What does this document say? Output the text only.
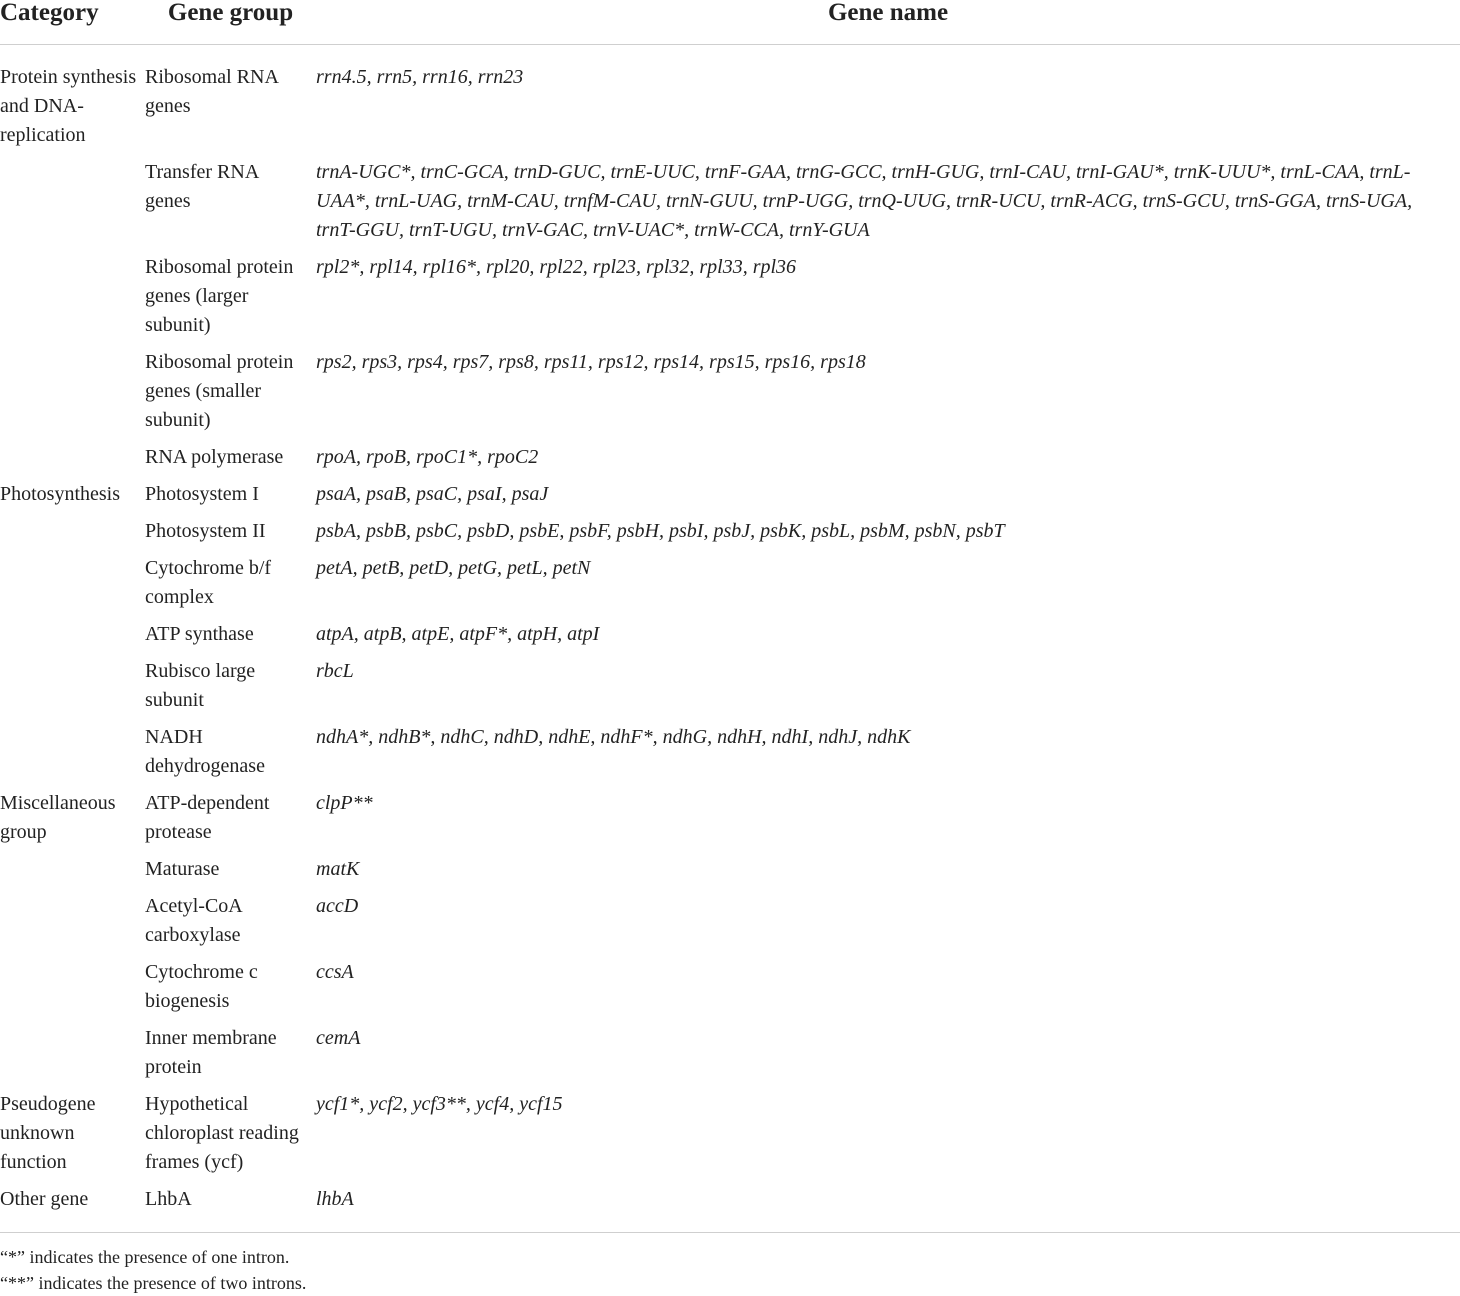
Category	Gene group	Gene name
Protein synthesis and DNA-replication	Ribosomal RNA genes	rrn4.5, rrn5, rrn16, rrn23
	Transfer RNA genes	trnA-UGC*, trnC-GCA, trnD-GUC, trnE-UUC, trnF-GAA, trnG-GCC, trnH-GUG, trnI-CAU, trnI-GAU*, trnK-UUU*, trnL-CAA, trnL-UAA*, trnL-UAG, trnM-CAU, trnfM-CAU, trnN-GUU, trnP-UGG, trnQ-UUG, trnR-UCU, trnR-ACG, trnS-GCU, trnS-GGA, trnS-UGA, trnT-GGU, trnT-UGU, trnV-GAC, trnV-UAC*, trnW-CCA, trnY-GUA
	Ribosomal protein genes (larger subunit)	rpl2*, rpl14, rpl16*, rpl20, rpl22, rpl23, rpl32, rpl33, rpl36
	Ribosomal protein genes (smaller subunit)	rps2, rps3, rps4, rps7, rps8, rps11, rps12, rps14, rps15, rps16, rps18
	RNA polymerase	rpoA, rpoB, rpoC1*, rpoC2
Photosynthesis	Photosystem I	psaA, psaB, psaC, psaI, psaJ
	Photosystem II	psbA, psbB, psbC, psbD, psbE, psbF, psbH, psbI, psbJ, psbK, psbL, psbM, psbN, psbT
	Cytochrome b/f complex	petA, petB, petD, petG, petL, petN
	ATP synthase	atpA, atpB, atpE, atpF*, atpH, atpI
	Rubisco large subunit	rbcL
	NADH dehydrogenase	ndhA*, ndhB*, ndhC, ndhD, ndhE, ndhF*, ndhG, ndhH, ndhI, ndhJ, ndhK
Miscellaneous group	ATP-dependent protease	clpP**
	Maturase	matK
	Acetyl-CoA carboxylase	accD
	Cytochrome c biogenesis	ccsA
	Inner membrane protein	cemA
Pseudogene unknown function	Hypothetical chloroplast reading frames (ycf)	ycf1*, ycf2, ycf3**, ycf4, ycf15
Other gene	LhbA	lhbA
“*” indicates the presence of one intron.
“**” indicates the presence of two introns.
